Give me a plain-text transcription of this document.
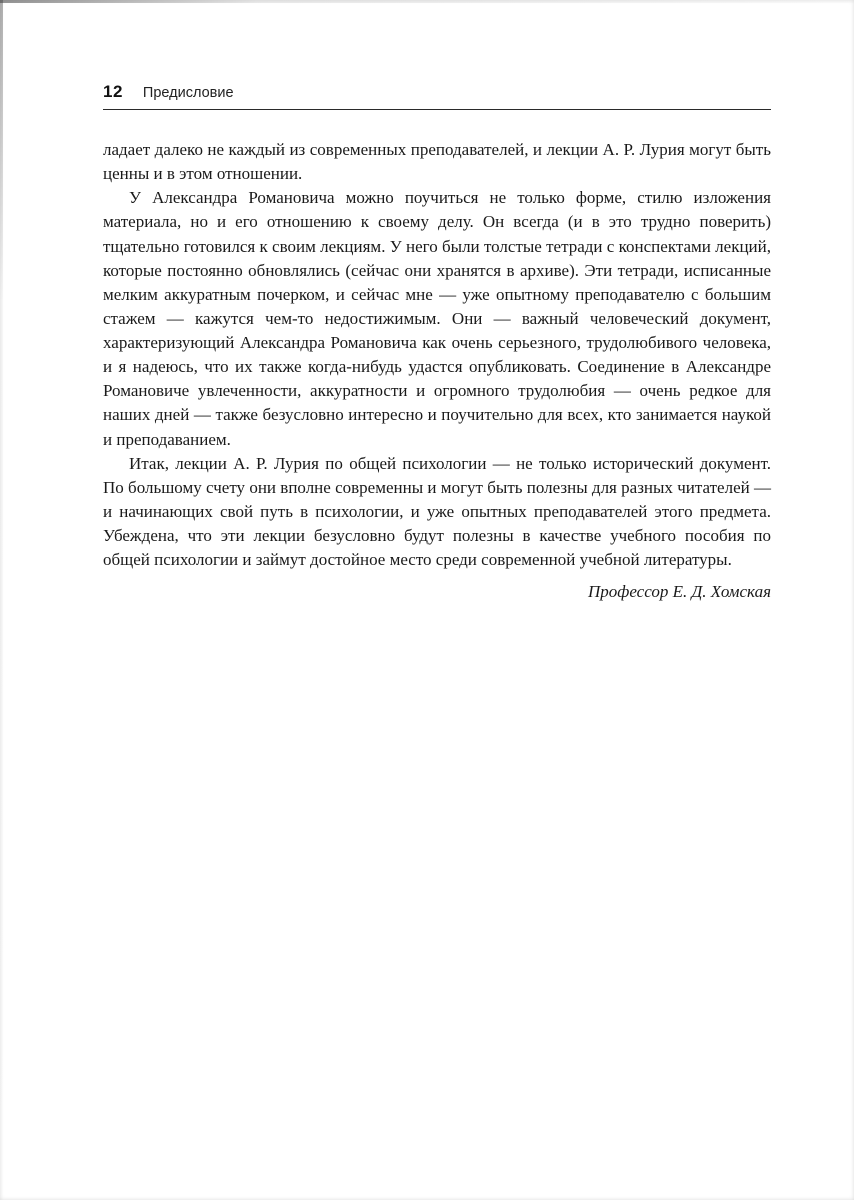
12 Предисловие

ладает далеко не каждый из современных преподавателей, и лекции А. Р. Лурия могут быть ценны и в этом отношении.

У Александра Романовича можно поучиться не только форме, стилю изложения материала, но и его отношению к своему делу. Он всегда (и в это трудно поверить) тщательно готовился к своим лекциям. У него были толстые тетради с конспектами лекций, которые постоянно обновлялись (сейчас они хранятся в архиве). Эти тетради, исписанные мелким аккуратным почерком, и сейчас мне — уже опытному преподавателю с большим стажем — кажутся чем-то недостижимым. Они — важный человеческий документ, характеризующий Александра Романовича как очень серьезного, трудолюбивого человека, и я надеюсь, что их также когда-нибудь удастся опубликовать. Соединение в Александре Романовиче увлеченности, аккуратности и огромного трудолюбия — очень редкое для наших дней — также безусловно интересно и поучительно для всех, кто занимается наукой и преподаванием.

Итак, лекции А. Р. Лурия по общей психологии — не только исторический документ. По большому счету они вполне современны и могут быть полезны для разных читателей — и начинающих свой путь в психологии, и уже опытных преподавателей этого предмета. Убеждена, что эти лекции безусловно будут полезны в качестве учебного пособия по общей психологии и займут достойное место среди современной учебной литературы.

Профессор Е. Д. Хомская
